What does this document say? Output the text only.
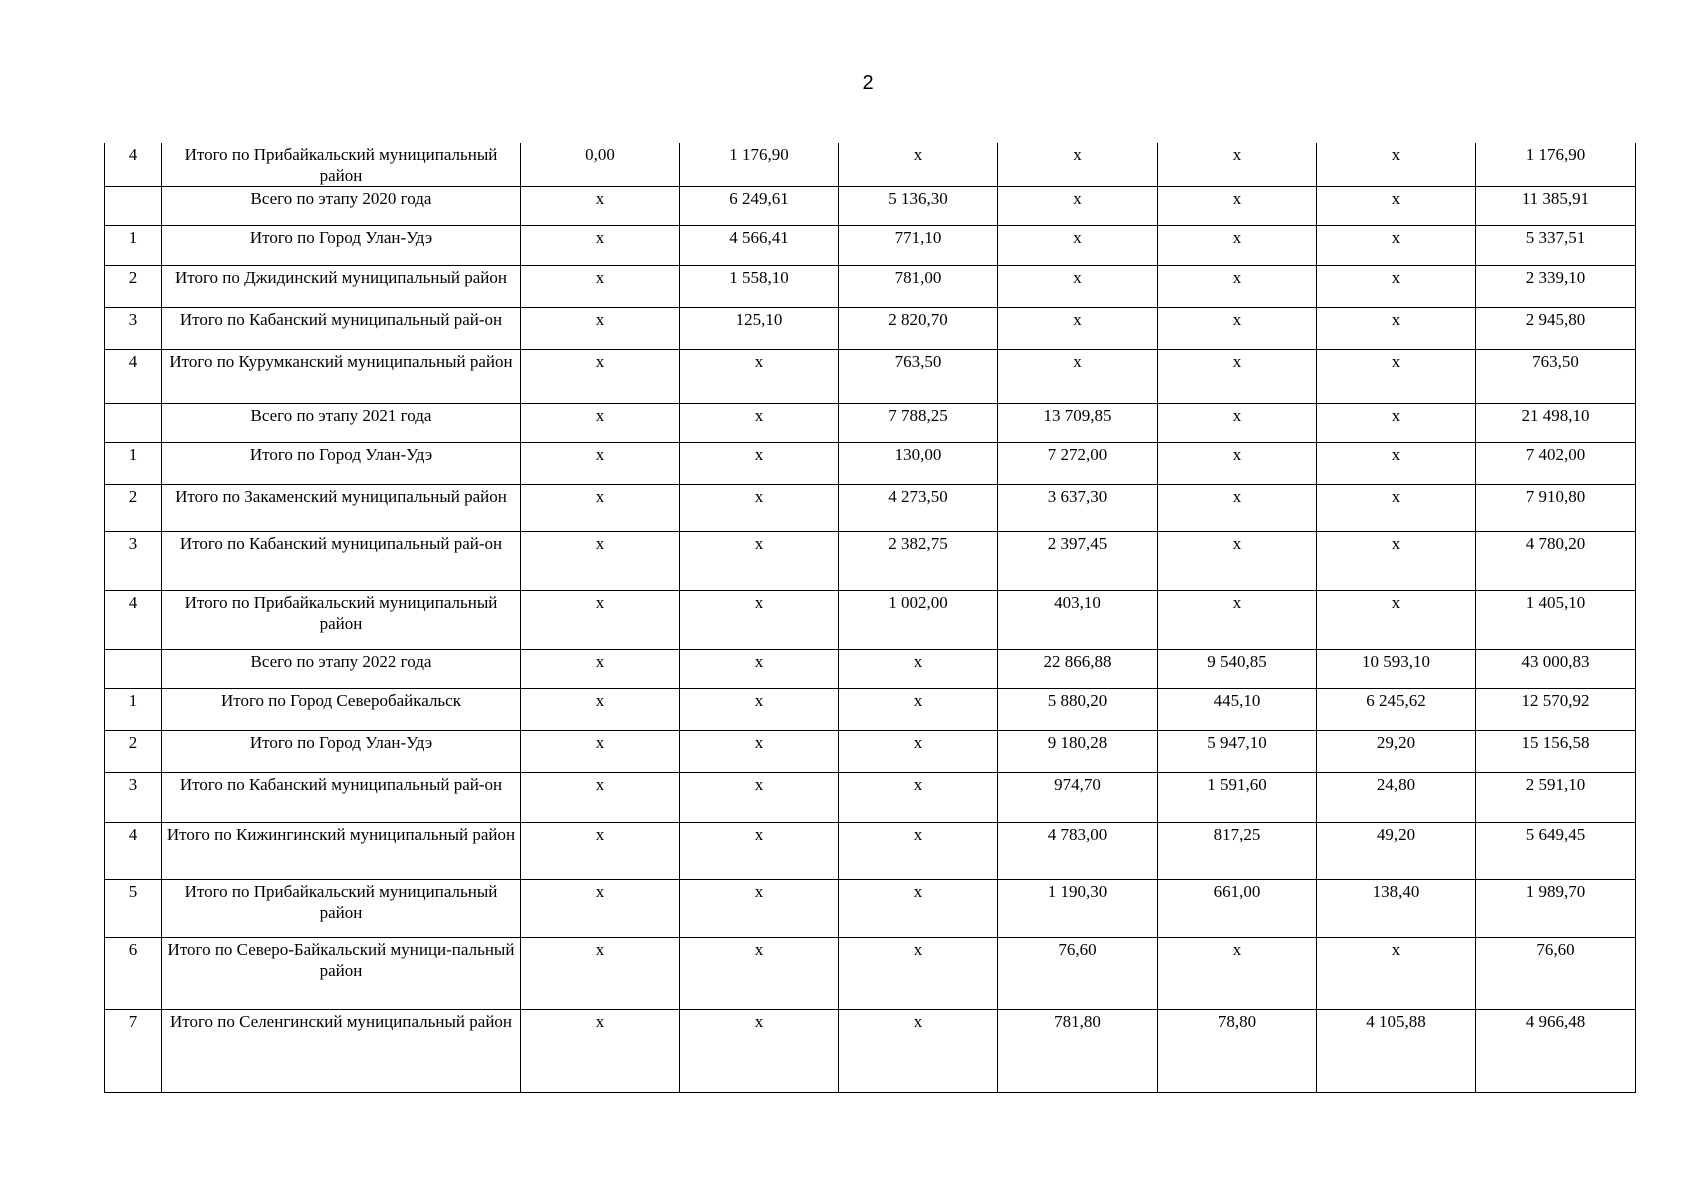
2
4	Итого по Прибайкальский муниципальный район	0,00	1 176,90	х	х	х	х	1 176,90
	Всего по этапу 2020 года	х	6 249,61	5 136,30	х	х	х	11 385,91
1	Итого по Город Улан-Удэ	х	4 566,41	771,10	х	х	х	5 337,51
2	Итого по Джидинский муниципальный район	х	1 558,10	781,00	х	х	х	2 339,10
3	Итого по Кабанский муниципальный рай-он	х	125,10	2 820,70	х	х	х	2 945,80
4	Итого по Курумканский муниципальный район	х	х	763,50	х	х	х	763,50
	Всего по этапу 2021 года	х	х	7 788,25	13 709,85	х	х	21 498,10
1	Итого по Город Улан-Удэ	х	х	130,00	7 272,00	х	х	7 402,00
2	Итого по Закаменский муниципальный район	х	х	4 273,50	3 637,30	х	х	7 910,80
3	Итого по Кабанский муниципальный рай-он	х	х	2 382,75	2 397,45	х	х	4 780,20
4	Итого по Прибайкальский муниципальный район	х	х	1 002,00	403,10	х	х	1 405,10
	Всего по этапу 2022 года	х	х	х	22 866,88	9 540,85	10 593,10	43 000,83
1	Итого по Город Северобайкальск	х	х	х	5 880,20	445,10	6 245,62	12 570,92
2	Итого по Город Улан-Удэ	х	х	х	9 180,28	5 947,10	29,20	15 156,58
3	Итого по Кабанский муниципальный рай-он	х	х	х	974,70	1 591,60	24,80	2 591,10
4	Итого по Кижингинский муниципальный район	х	х	х	4 783,00	817,25	49,20	5 649,45
5	Итого по Прибайкальский муниципальный район	х	х	х	1 190,30	661,00	138,40	1 989,70
6	Итого по Северо-Байкальский муници-пальный район	х	х	х	76,60	х	х	76,60
7	Итого по Селенгинский муниципальный район	х	х	х	781,80	78,80	4 105,88	4 966,48
